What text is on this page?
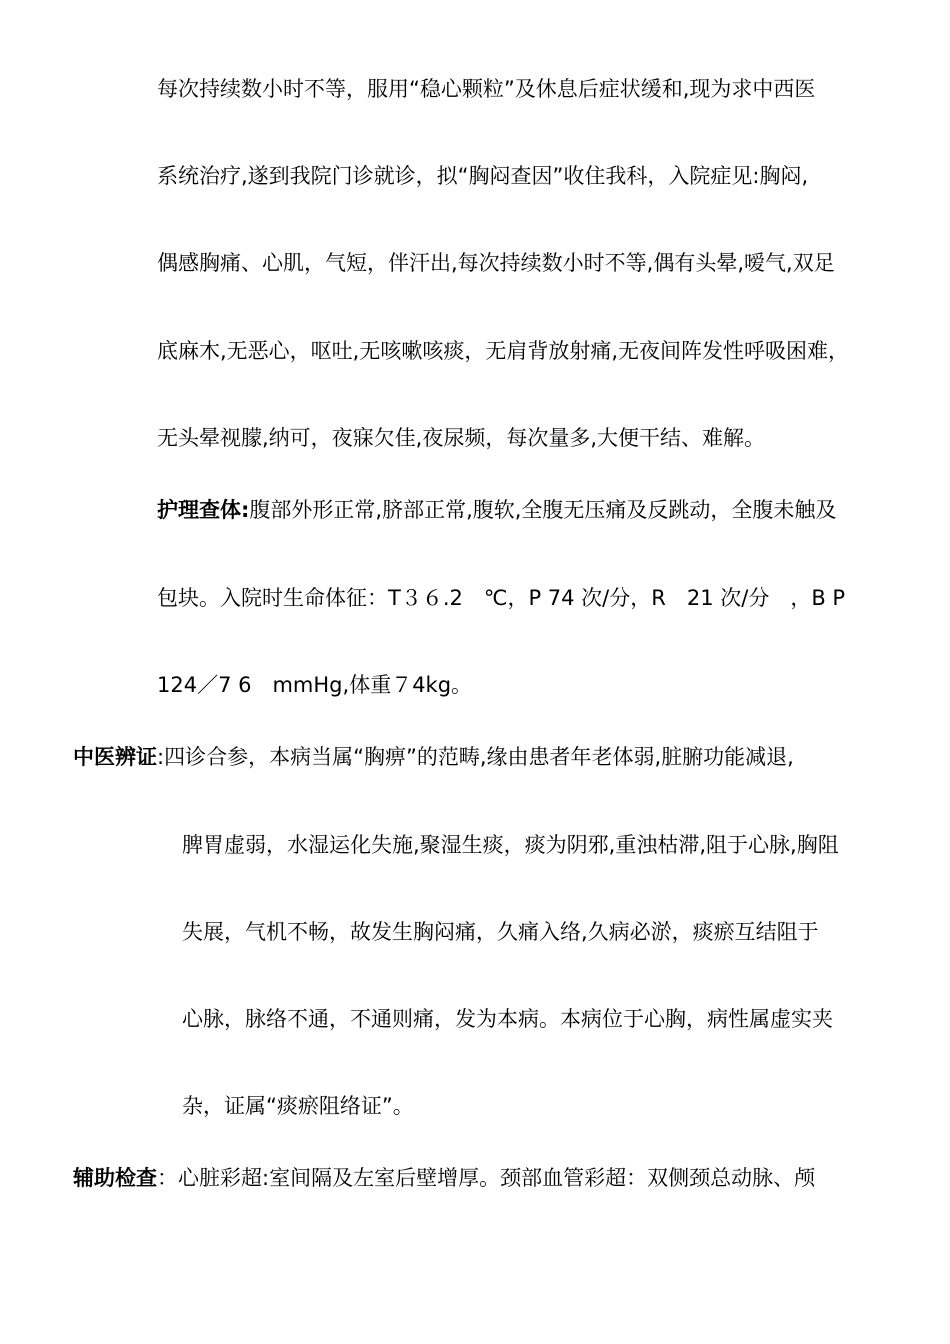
每次持续数小时不等，服用“稳心颗粒”及休息后症状缓和,现为求中西医
系统治疗,遂到我院门诊就诊，拟“胸闷查因”收住我科，入院症见:胸闷,
偶感胸痛、心肌，气短，伴汗出,每次持续数小时不等,偶有头晕,嗳气,双足
底麻木,无恶心，呕吐,无咳嗽咳痰，无肩背放射痛,无夜间阵发性呼吸困难，
无头晕视朦,纳可，夜寐欠佳,夜尿频，每次量多,大便干结、难解。
护理查体:腹部外形正常,脐部正常,腹软,全腹无压痛及反跳动，全腹未触及
包块。入院时生命体征：T３６.2　℃，P 74 次/分，R　21 次/分　，B P
124／7 6　mmHg,体重７4kg。
中医辨证:四诊合参，本病当属“胸痹”的范畴,缘由患者年老体弱,脏腑功能减退,
脾胃虚弱，水湿运化失施,聚湿生痰，痰为阴邪,重浊枯滞,阻于心脉,胸阻
失展，气机不畅，故发生胸闷痛，久痛入络,久病必淤，痰瘀互结阻于
心脉，脉络不通，不通则痛，发为本病。本病位于心胸，病性属虚实夹
杂，证属“痰瘀阻络证”。
辅助检查：心脏彩超:室间隔及左室后壁增厚。颈部血管彩超：双侧颈总动脉、颅
